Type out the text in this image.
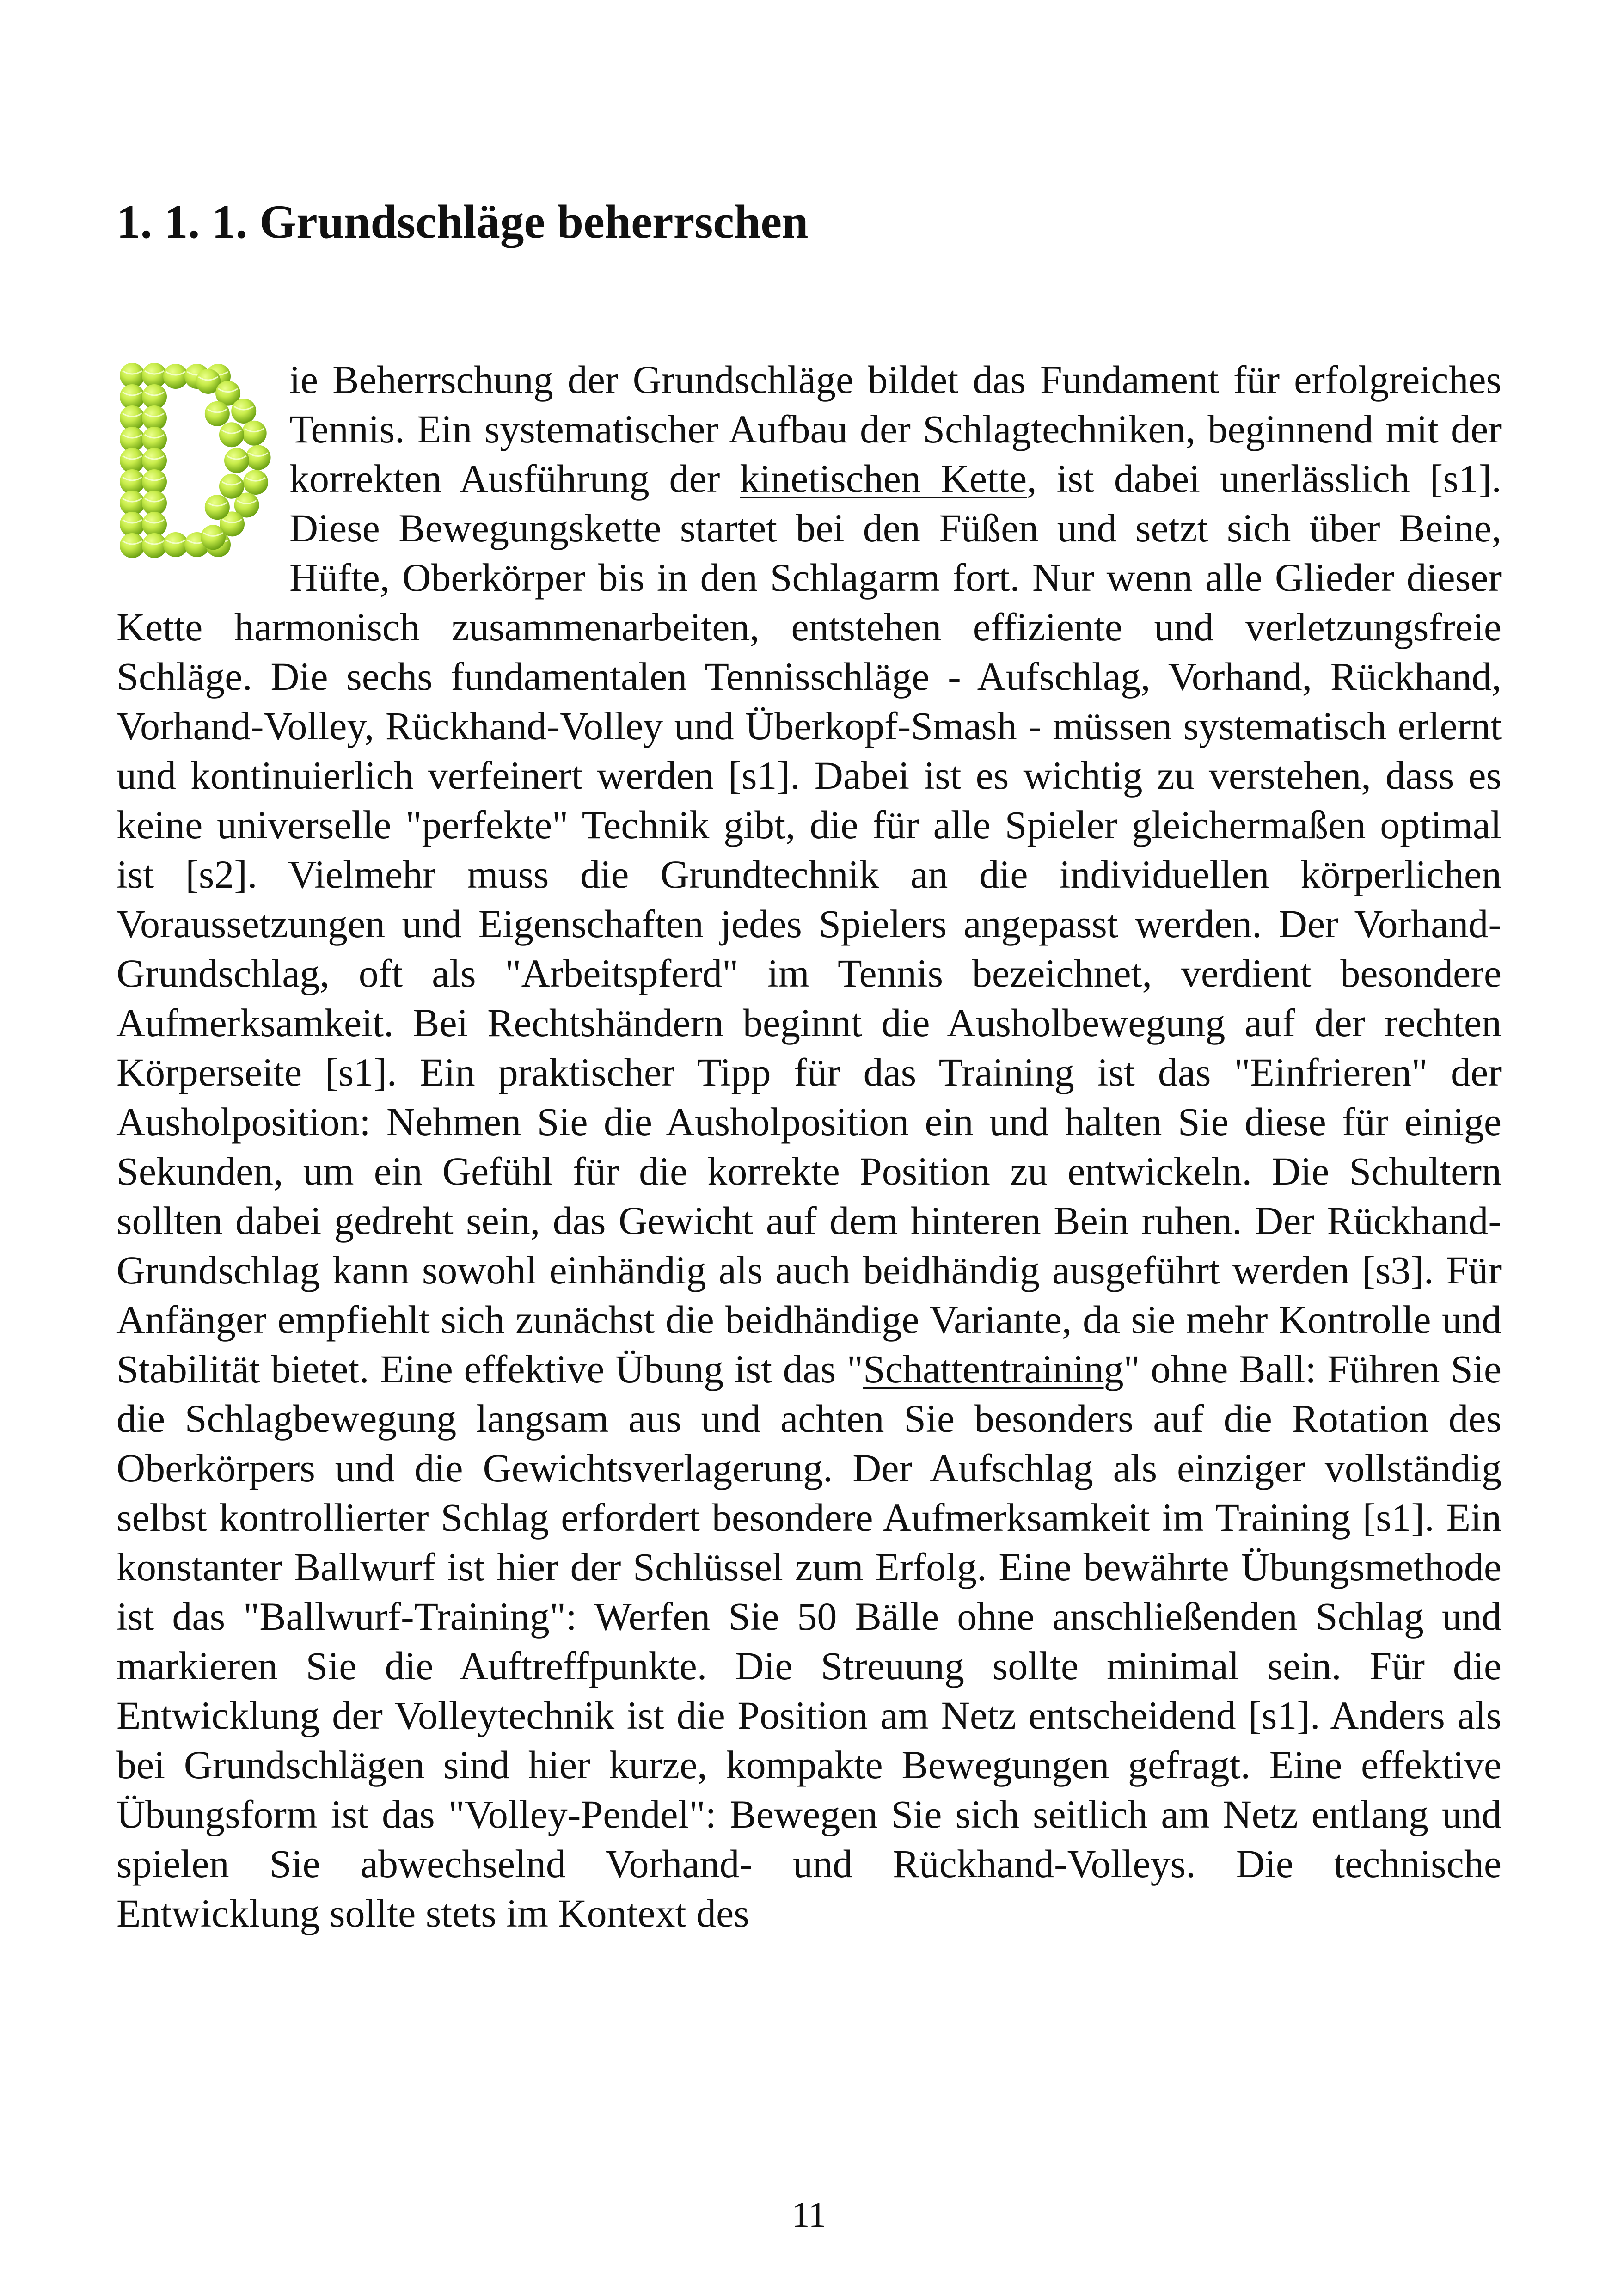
1. 1. 1. Grundschläge beherrschen

ie Beherrschung der Grundschläge bildet das Fundament für erfolgreiches Tennis. Ein systematischer Aufbau der Schlagtechniken, beginnend mit der korrekten Ausführung der kinetischen Kette, ist dabei unerlässlich [s1]. Diese Bewegungskette startet bei den Füßen und setzt sich über Beine, Hüfte, Oberkörper bis in den Schlagarm fort. Nur wenn alle Glieder dieser Kette harmonisch zusammenarbeiten, entstehen effiziente und verletzungsfreie Schläge. Die sechs fundamentalen Tennisschläge - Aufschlag, Vorhand, Rückhand, Vorhand-Volley, Rückhand-Volley und Überkopf-Smash - müssen systematisch erlernt und kontinuierlich verfeinert werden [s1]. Dabei ist es wichtig zu verstehen, dass es keine universelle "perfekte" Technik gibt, die für alle Spieler gleichermaßen optimal ist [s2]. Vielmehr muss die Grundtechnik an die individuellen körperlichen Voraussetzungen und Eigenschaften jedes Spielers angepasst werden. Der Vorhand-Grundschlag, oft als "Arbeitspferd" im Tennis bezeichnet, verdient besondere Aufmerksamkeit. Bei Rechtshändern beginnt die Ausholbewegung auf der rechten Körperseite [s1]. Ein praktischer Tipp für das Training ist das "Einfrieren" der Ausholposition: Nehmen Sie die Ausholposition ein und halten Sie diese für einige Sekunden, um ein Gefühl für die korrekte Position zu entwickeln. Die Schultern sollten dabei gedreht sein, das Gewicht auf dem hinteren Bein ruhen. Der Rückhand-Grundschlag kann sowohl einhändig als auch beidhändig ausgeführt werden [s3]. Für Anfänger empfiehlt sich zunächst die beidhändige Variante, da sie mehr Kontrolle und Stabilität bietet. Eine effektive Übung ist das "Schattentraining" ohne Ball: Führen Sie die Schlagbewegung langsam aus und achten Sie besonders auf die Rotation des Oberkörpers und die Gewichtsverlagerung. Der Aufschlag als einziger vollständig selbst kontrollierter Schlag erfordert besondere Aufmerksamkeit im Training [s1]. Ein konstanter Ballwurf ist hier der Schlüssel zum Erfolg. Eine bewährte Übungsmethode ist das "Ballwurf-Training": Werfen Sie 50 Bälle ohne anschließenden Schlag und markieren Sie die Auftreffpunkte. Die Streuung sollte minimal sein. Für die Entwicklung der Volleytechnik ist die Position am Netz entscheidend [s1]. Anders als bei Grundschlägen sind hier kurze, kompakte Bewegungen gefragt. Eine effektive Übungsform ist das "Volley-Pendel": Bewegen Sie sich seitlich am Netz entlang und spielen Sie abwechselnd Vorhand- und Rückhand-Volleys. Die technische Entwicklung sollte stets im Kontext des

11
